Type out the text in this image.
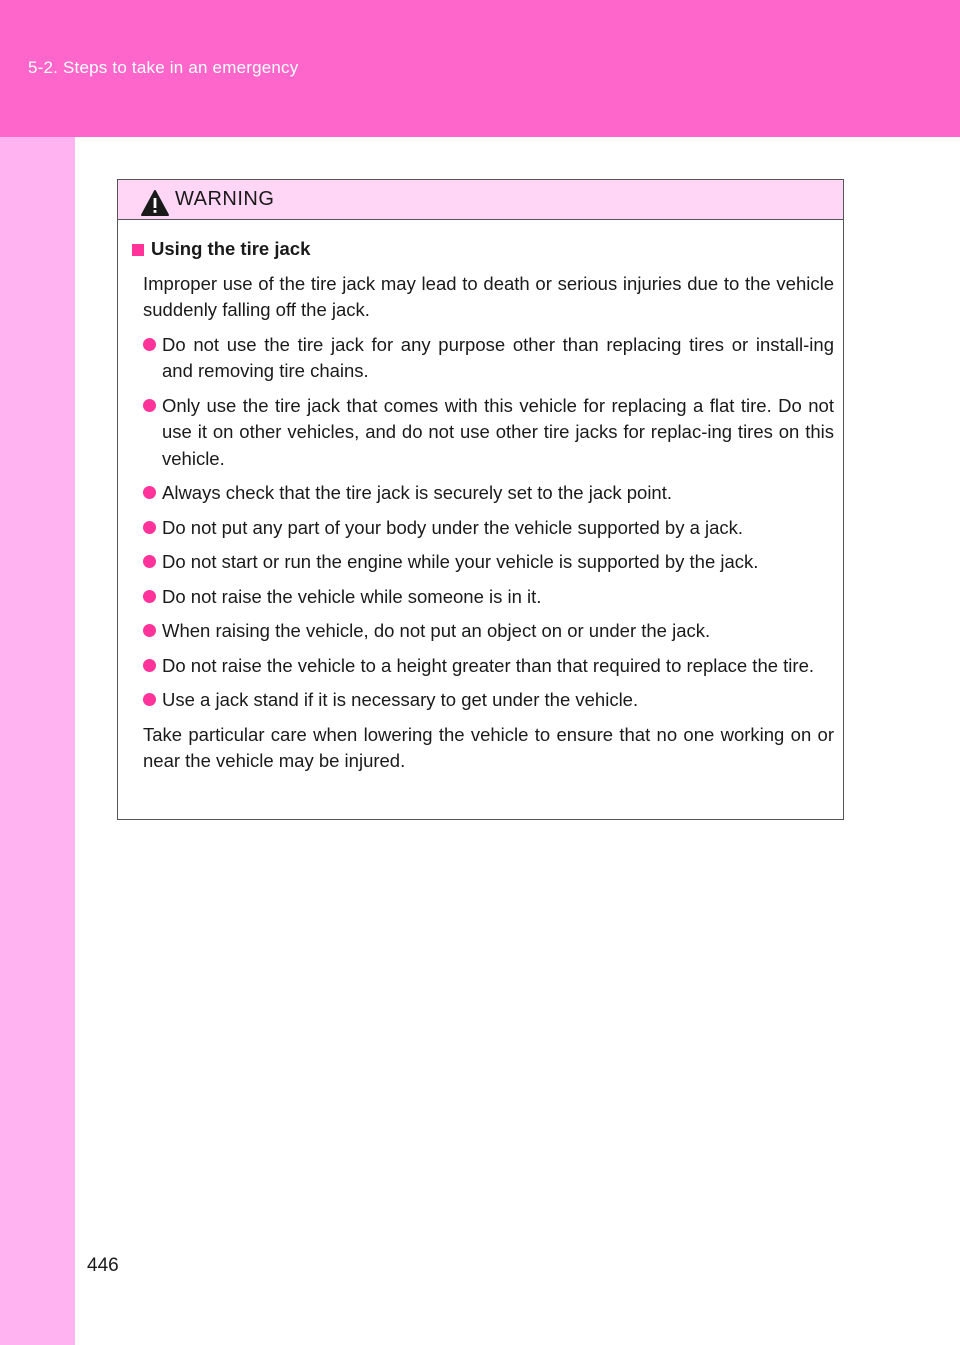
5-2. Steps to take in an emergency
WARNING
Using the tire jack
Improper use of the tire jack may lead to death or serious injuries due to the vehicle suddenly falling off the jack.
Do not use the tire jack for any purpose other than replacing tires or install-ing and removing tire chains.
Only use the tire jack that comes with this vehicle for replacing a flat tire. Do not use it on other vehicles, and do not use other tire jacks for replac-ing tires on this vehicle.
Always check that the tire jack is securely set to the jack point.
Do not put any part of your body under the vehicle supported by a jack.
Do not start or run the engine while your vehicle is supported by the jack.
Do not raise the vehicle while someone is in it.
When raising the vehicle, do not put an object on or under the jack.
Do not raise the vehicle to a height greater than that required to replace the tire.
Use a jack stand if it is necessary to get under the vehicle.
Take particular care when lowering the vehicle to ensure that no one working on or near the vehicle may be injured.
446
